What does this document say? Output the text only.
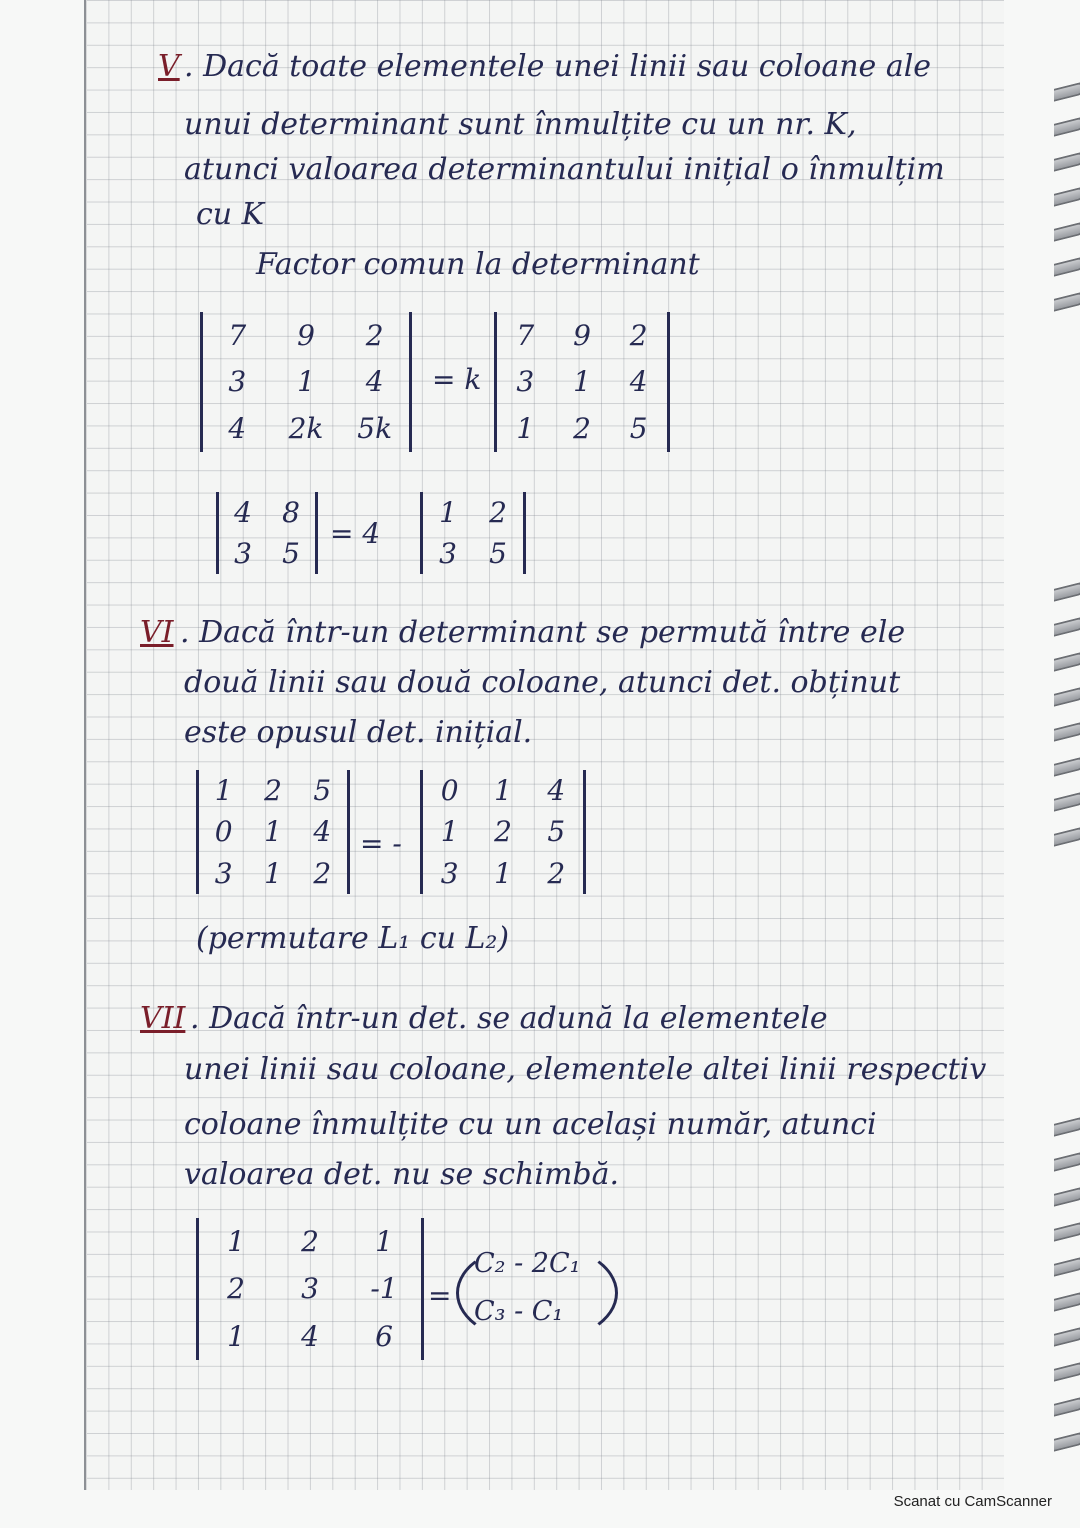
V . Dacă toate elementele unei linii sau coloane ale

unui determinant sunt înmulțite cu un nr. K,

atunci valoarea determinantului inițial o înmulțim

cu K

Factor comun la determinant

7 9 2
3 1 4
4 2k 5k
= k
7 9 2
3 1 4
1 2 5
4 8
3 5
= 4
1 2
3 5
VI . Dacă într-un determinant se permută între ele

două linii sau două coloane, atunci det. obținut

este opusul det. inițial.

1 2 5
0 1 4
3 1 2
= -
0 1 4
1 2 5
3 1 2

(permutare L₁ cu L₂)

VII . Dacă într-un det. se adună la elementele

unei linii sau coloane, elementele altei linii respectiv

coloane înmulțite cu un același număr, atunci

valoarea det. nu se schimbă.

1 2 1
2 3 -1
1 4 6
=

C₂ - 2C₁

C₃ - C₁

Scanat cu CamScanner
